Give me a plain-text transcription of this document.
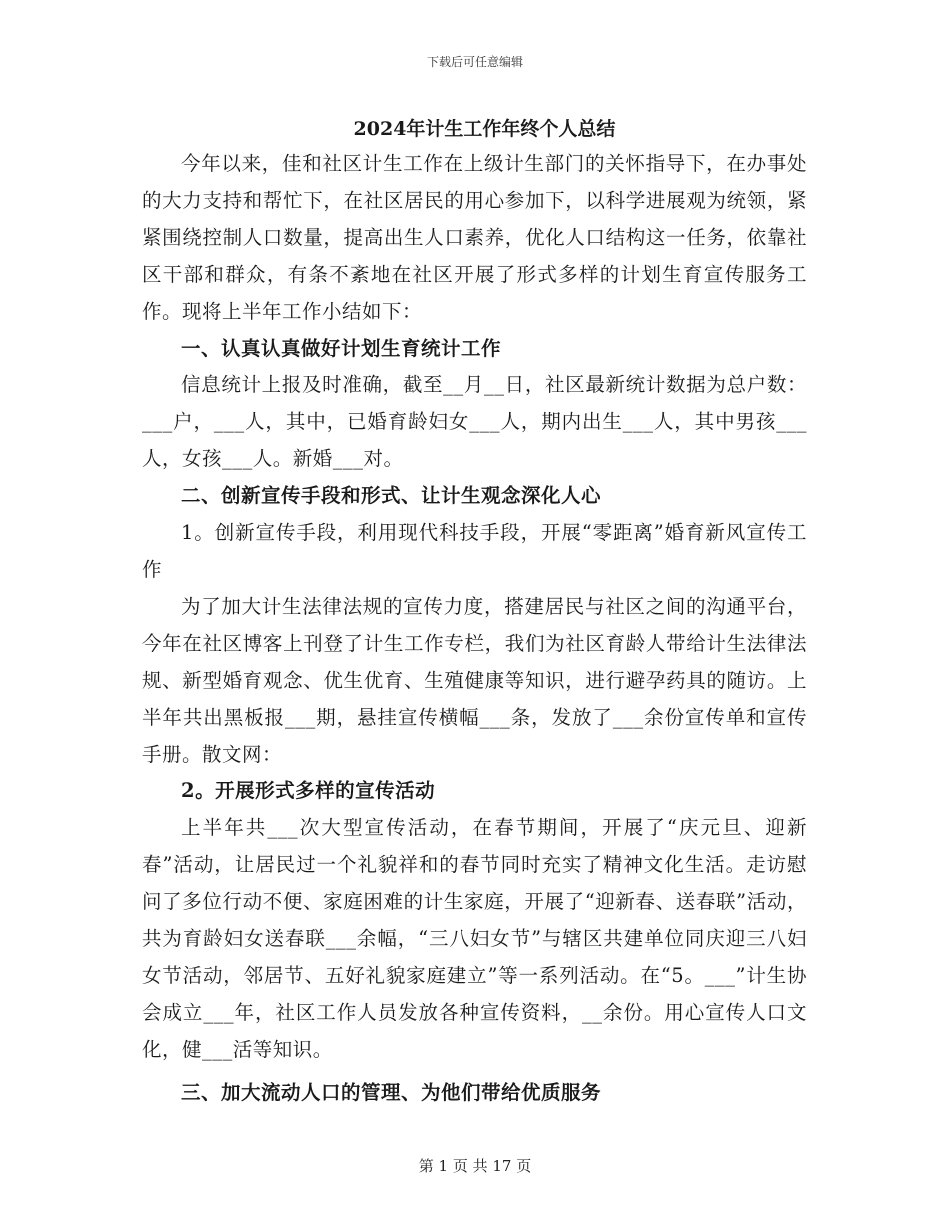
下载后可任意编辑
2024年计生工作年终个人总结

今年以来，佳和社区计生工作在上级计生部门的关怀指导下，在办事处的大力支持和帮忙下，在社区居民的用心参加下，以科学进展观为统领，紧紧围绕控制人口数量，提高出生人口素养，优化人口结构这一任务，依靠社区干部和群众，有条不紊地在社区开展了形式多样的计划生育宣传服务工作。现将上半年工作小结如下：

一、认真认真做好计划生育统计工作

信息统计上报及时准确，截至__月__日，社区最新统计数据为总户数：___户，___人，其中，已婚育龄妇女___人，期内出生___人，其中男孩___人，女孩___人。新婚___对。

二、创新宣传手段和形式、让计生观念深化人心

1。创新宣传手段，利用现代科技手段，开展“零距离”婚育新风宣传工作

为了加大计生法律法规的宣传力度，搭建居民与社区之间的沟通平台，今年在社区博客上刊登了计生工作专栏，我们为社区育龄人带给计生法律法规、新型婚育观念、优生优育、生殖健康等知识，进行避孕药具的随访。上半年共出黑板报___期，悬挂宣传横幅___条，发放了___余份宣传单和宣传手册。散文网：

2。开展形式多样的宣传活动

上半年共___次大型宣传活动，在春节期间，开展了“庆元旦、迎新春”活动，让居民过一个礼貌祥和的春节同时充实了精神文化生活。走访慰问了多位行动不便、家庭困难的计生家庭，开展了“迎新春、送春联”活动，共为育龄妇女送春联___余幅，“三八妇女节”与辖区共建单位同庆迎三八妇女节活动，邻居节、五好礼貌家庭建立”等一系列活动。在“5。___”计生协会成立___年，社区工作人员发放各种宣传资料，__余份。用心宣传人口文化，健___活等知识。

三、加大流动人口的管理、为他们带给优质服务

第 1 页 共 17 页
